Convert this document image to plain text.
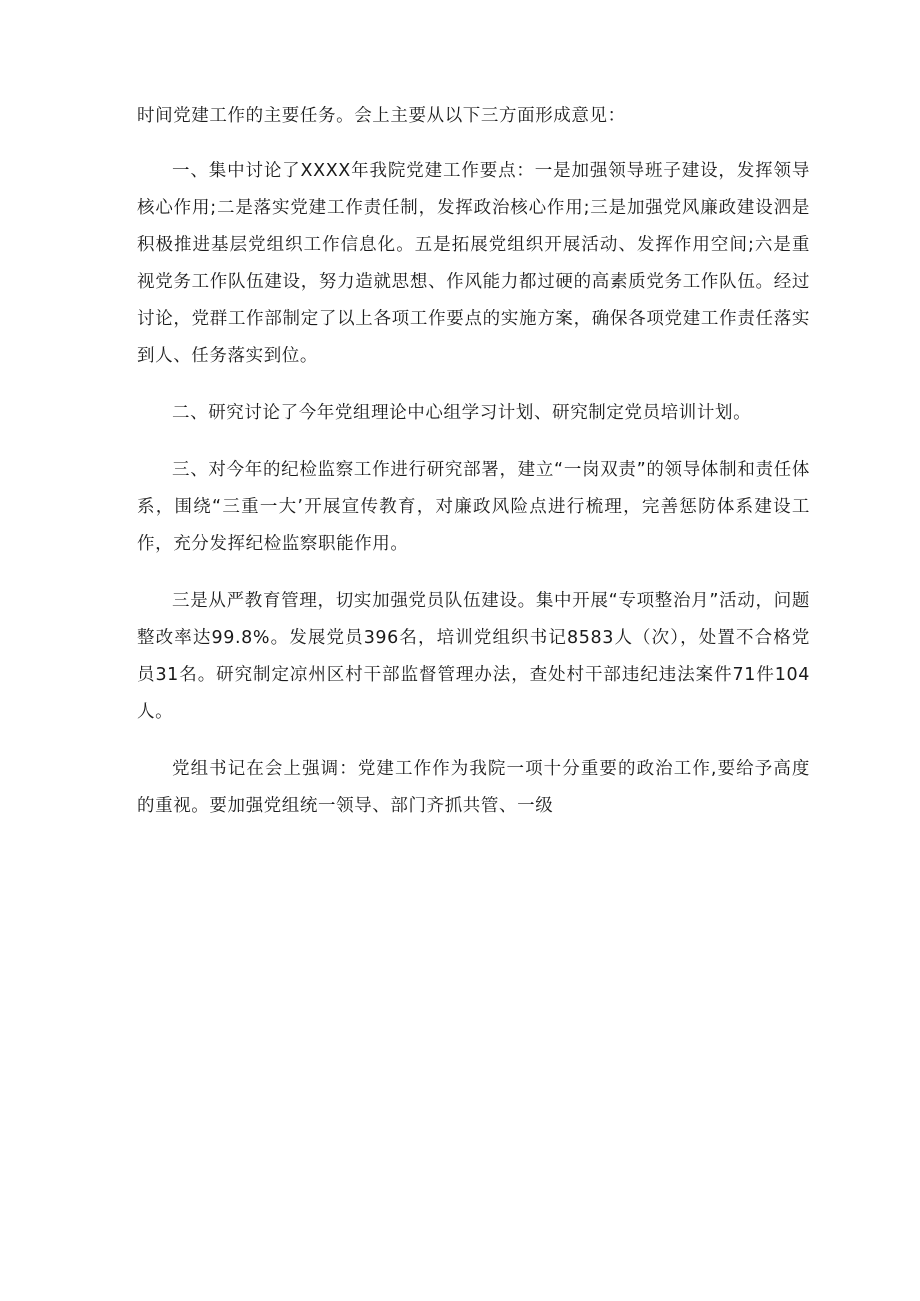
时间党建工作的主要任务。会上主要从以下三方面形成意见：

一、集中讨论了XXXX年我院党建工作要点：一是加强领导班子建设，发挥领导核心作用;二是落实党建工作责任制，发挥政治核心作用;三是加强党风廉政建设泗是积极推进基层党组织工作信息化。五是拓展党组织开展活动、发挥作用空间;六是重视党务工作队伍建设，努力造就思想、作风能力都过硬的高素质党务工作队伍。经过讨论，党群工作部制定了以上各项工作要点的实施方案，确保各项党建工作责任落实到人、任务落实到位。

二、研究讨论了今年党组理论中心组学习计划、研究制定党员培训计划。

三、对今年的纪检监察工作进行研究部署，建立“一岗双责”的领导体制和责任体系，围绕“三重一大’开展宣传教育，对廉政风险点进行梳理，完善惩防体系建设工作，充分发挥纪检监察职能作用。

三是从严教育管理，切实加强党员队伍建设。集中开展“专项整治月”活动，问题整改率达99.8%。发展党员396名，培训党组织书记8583人（次），处置不合格党员31名。研究制定凉州区村干部监督管理办法，查处村干部违纪违法案件71件104人。

党组书记在会上强调：党建工作作为我院一项十分重要的政治工作,要给予高度的重视。要加强党组统一领导、部门齐抓共管、一级
